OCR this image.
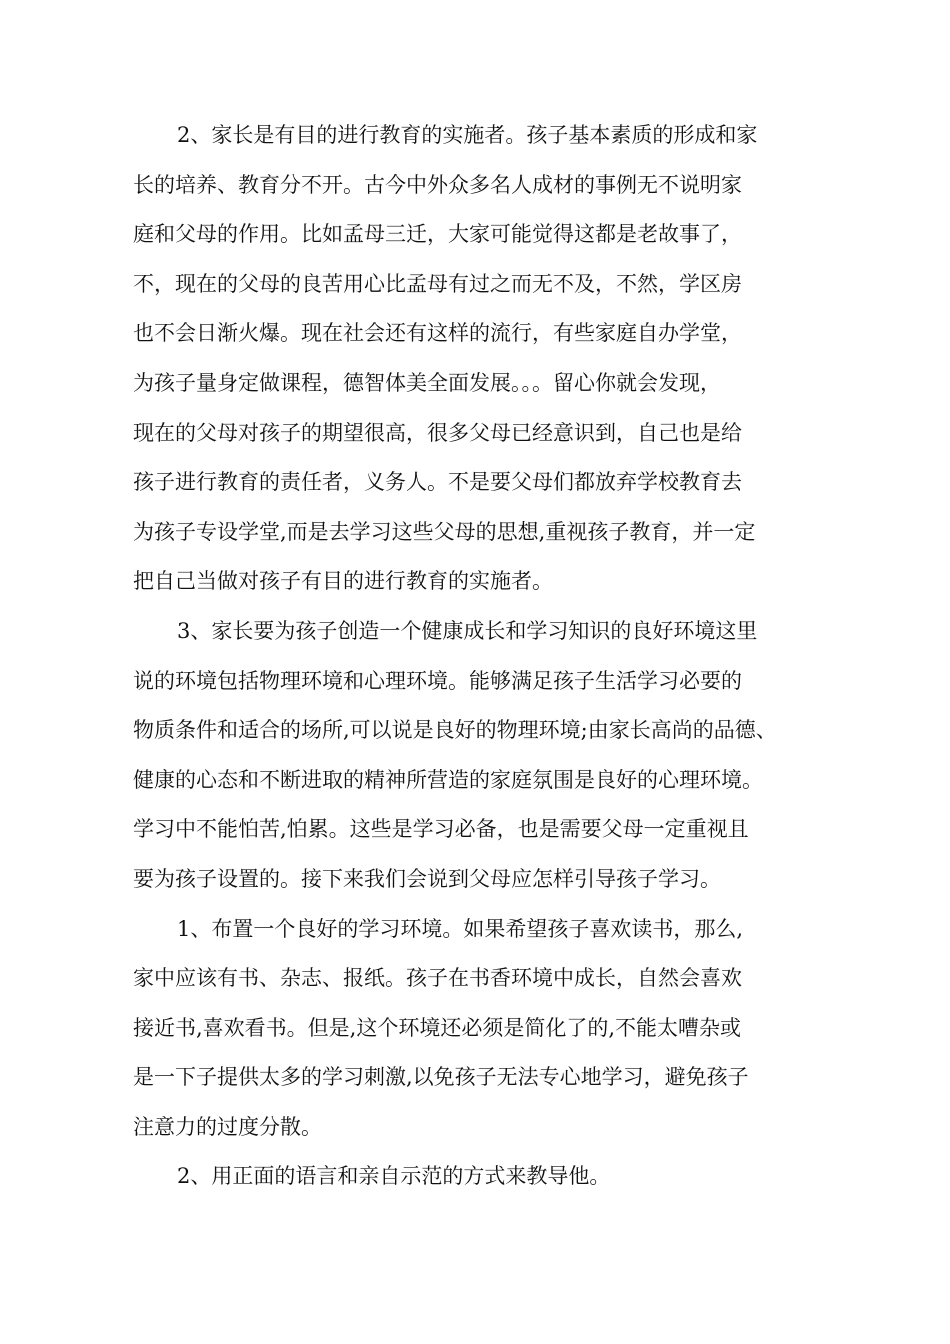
2、家长是有目的进行教育的实施者。孩子基本素质的形成和家
长的培养、教育分不开。古今中外众多名人成材的事例无不说明家
庭和父母的作用。比如孟母三迁，大家可能觉得这都是老故事了，
不，现在的父母的良苦用心比孟母有过之而无不及，不然，学区房
也不会日渐火爆。现在社会还有这样的流行，有些家庭自办学堂，
为孩子量身定做课程，德智体美全面发展。。。留心你就会发现，
现在的父母对孩子的期望很高，很多父母已经意识到，自己也是给
孩子进行教育的责任者，义务人。不是要父母们都放弃学校教育去
为孩子专设学堂,而是去学习这些父母的思想,重视孩子教育，并一定
把自己当做对孩子有目的进行教育的实施者。
3、家长要为孩子创造一个健康成长和学习知识的良好环境这里
说的环境包括物理环境和心理环境。能够满足孩子生活学习必要的
物质条件和适合的场所,可以说是良好的物理环境;由家长高尚的品德、
健康的心态和不断进取的精神所营造的家庭氛围是良好的心理环境。
学习中不能怕苦,怕累。这些是学习必备，也是需要父母一定重视且
要为孩子设置的。接下来我们会说到父母应怎样引导孩子学习。
1、布置一个良好的学习环境。如果希望孩子喜欢读书，那么,
家中应该有书、杂志、报纸。孩子在书香环境中成长，自然会喜欢
接近书,喜欢看书。但是,这个环境还必须是简化了的,不能太嘈杂或
是一下子提供太多的学习刺激,以免孩子无法专心地学习，避免孩子
注意力的过度分散。
2、用正面的语言和亲自示范的方式来教导他。
